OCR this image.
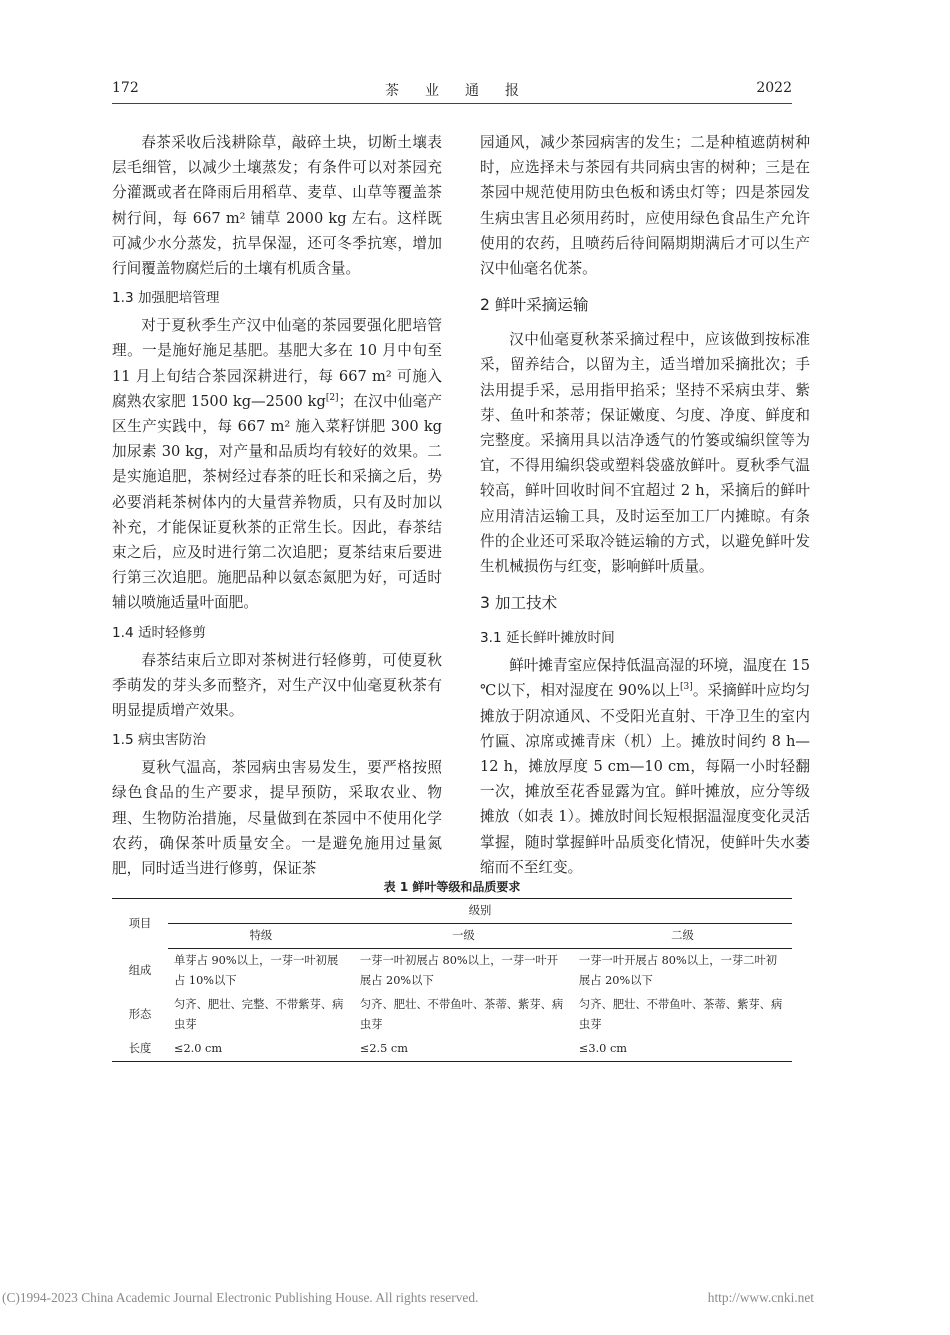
172	茶业通报	2022

春茶采收后浅耕除草，敲碎土块，切断土壤表层毛细管，以减少土壤蒸发；有条件可以对茶园充分灌溉或者在降雨后用稻草、麦草、山草等覆盖茶树行间，每 667 m² 铺草 2000 kg 左右。这样既可减少水分蒸发，抗旱保湿，还可冬季抗寒，增加行间覆盖物腐烂后的土壤有机质含量。

1.3 加强肥培管理

对于夏秋季生产汉中仙毫的茶园要强化肥培管理。一是施好施足基肥。基肥大多在 10 月中旬至 11 月上旬结合茶园深耕进行，每 667 m² 可施入腐熟农家肥 1500 kg—2500 kg[2]；在汉中仙毫产区生产实践中，每 667 m² 施入菜籽饼肥 300 kg 加尿素 30 kg，对产量和品质均有较好的效果。二是实施追肥，茶树经过春茶的旺长和采摘之后，势必要消耗茶树体内的大量营养物质，只有及时加以补充，才能保证夏秋茶的正常生长。因此，春茶结束之后，应及时进行第二次追肥；夏茶结束后要进行第三次追肥。施肥品种以氨态氮肥为好，可适时辅以喷施适量叶面肥。

1.4 适时轻修剪

春茶结束后立即对茶树进行轻修剪，可使夏秋季萌发的芽头多而整齐，对生产汉中仙毫夏秋茶有明显提质增产效果。

1.5 病虫害防治

夏秋气温高，茶园病虫害易发生，要严格按照绿色食品的生产要求，提早预防，采取农业、物理、生物防治措施，尽量做到在茶园中不使用化学农药，确保茶叶质量安全。一是避免施用过量氮肥，同时适当进行修剪，保证茶

园通风，减少茶园病害的发生；二是种植遮荫树种时，应选择未与茶园有共同病虫害的树种；三是在茶园中规范使用防虫色板和诱虫灯等；四是茶园发生病虫害且必须用药时，应使用绿色食品生产允许使用的农药，且喷药后待间隔期期满后才可以生产汉中仙毫名优茶。

2 鲜叶采摘运输

汉中仙毫夏秋茶采摘过程中，应该做到按标准采，留养结合，以留为主，适当增加采摘批次；手法用提手采，忌用指甲掐采；坚持不采病虫芽、紫芽、鱼叶和茶蒂；保证嫩度、匀度、净度、鲜度和完整度。采摘用具以洁净透气的竹篓或编织筐等为宜，不得用编织袋或塑料袋盛放鲜叶。夏秋季气温较高，鲜叶回收时间不宜超过 2 h，采摘后的鲜叶应用清洁运输工具，及时运至加工厂内摊晾。有条件的企业还可采取冷链运输的方式，以避免鲜叶发生机械损伤与红变，影响鲜叶质量。

3 加工技术
3.1 延长鲜叶摊放时间

鲜叶摊青室应保持低温高湿的环境，温度在 15 ℃以下，相对湿度在 90%以上[3]。采摘鲜叶应均匀摊放于阴凉通风、不受阳光直射、干净卫生的室内竹匾、凉席或摊青床（机）上。摊放时间约 8 h—12 h，摊放厚度 5 cm—10 cm，每隔一小时轻翻一次，摊放至花香显露为宜。鲜叶摊放，应分等级摊放（如表 1）。摊放时间长短根据温湿度变化灵活掌握，随时掌握鲜叶品质变化情况，使鲜叶失水萎缩而不至红变。

表 1 鲜叶等级和品质要求
项目	级别		
	特级	一级	二级
组成	单芽占 90%以上，一芽一叶初展占 10%以下	一芽一叶初展占 80%以上，一芽一叶开展占 20%以下	一芽一叶开展占 80%以上，一芽二叶初展占 20%以下
形态	匀齐、肥壮、完整、不带紫芽、病虫芽	匀齐、肥壮、不带鱼叶、茶蒂、紫芽、病虫芽	匀齐、肥壮、不带鱼叶、茶蒂、紫芽、病虫芽
长度	≤2.0 cm	≤2.5 cm	≤3.0 cm
(C)1994-2023 China Academic Journal Electronic Publishing House. All rights reserved.	http://www.cnki.net
